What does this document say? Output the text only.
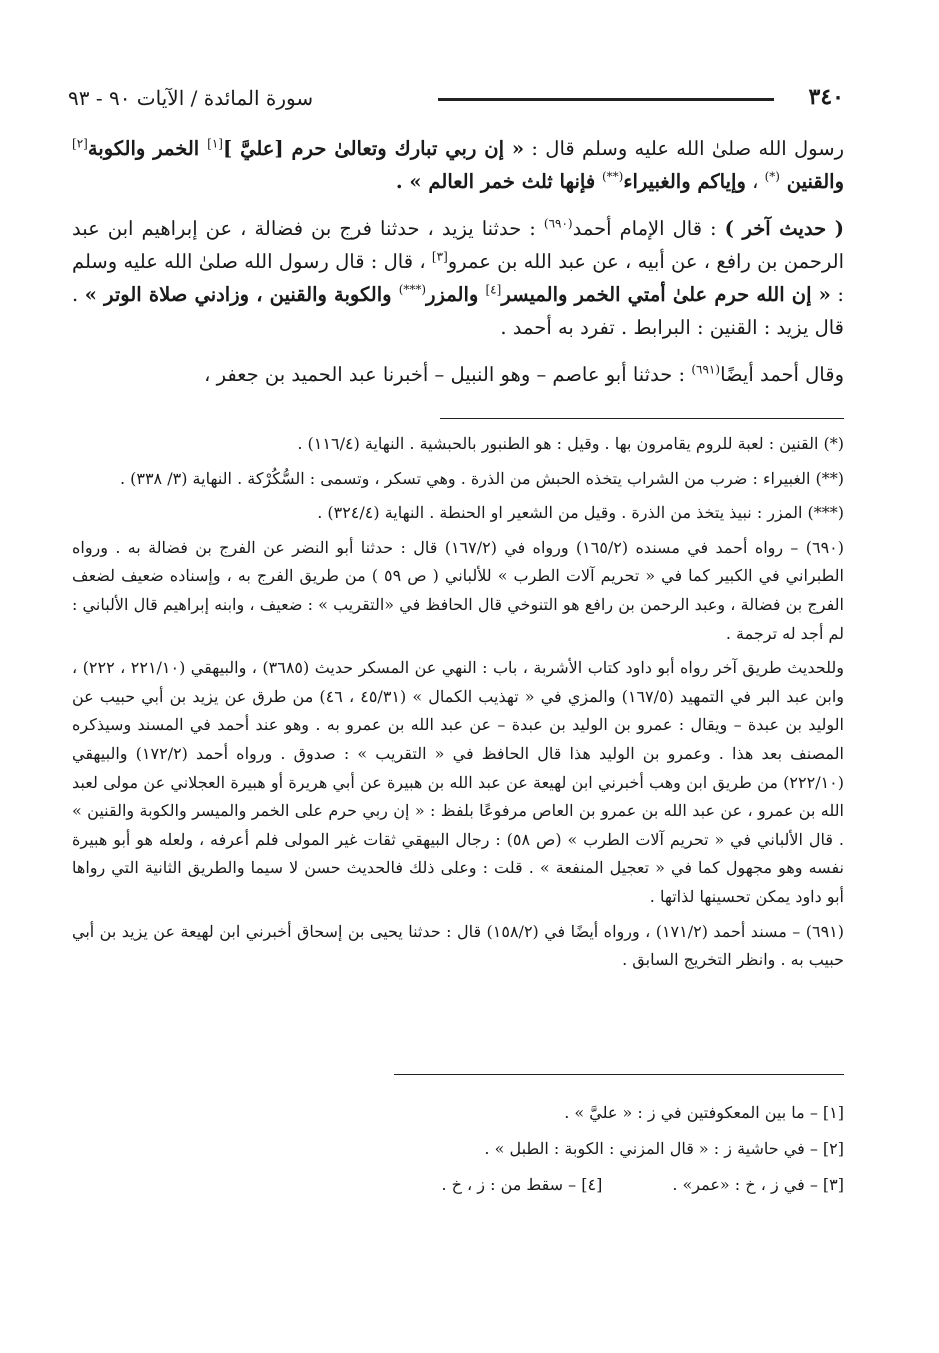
٣٤٠
سورة المائدة / الآيات ٩٠ - ٩٣

رسول الله صلىٰ الله عليه وسلم قال : « إن ربي تبارك وتعالىٰ حرم [عليَّ ][١] الخمر والكوبة[٢] والقنين (*) ، وإياكم والغبيراء(**) فإنها ثلث خمر العالم » .

( حديث آخر ) : قال الإمام أحمد$^{(٦٩٠)}$ : حدثنا يزيد ، حدثنا فرج بن فضالة ، عن إبراهيم ابن عبد الرحمن بن رافع ، عن أبيه ، عن عبد الله بن عمرو[٣] ، قال : قال رسول الله صلىٰ الله عليه وسلم : « إن الله حرم علىٰ أمتي الخمر والميسر[٤] والمزر(***) والكوبة والقنين ، وزادني صلاة الوتر » . قال يزيد : القنين : البرابط . تفرد به أحمد .

وقال أحمد أيضًا$^{(٦٩١)}$ : حدثنا أبو عاصم – وهو النبيل – أخبرنا عبد الحميد بن جعفر ،

(*) القنين : لعبة للروم يقامرون بها . وقيل : هو الطنبور بالحبشية . النهاية (١١٦/٤) .

(**) الغبيراء : ضرب من الشراب يتخذه الحبش من الذرة . وهي تسكر ، وتسمى : السُّكُرْكة . النهاية (٣/ ٣٣٨) .

(***) المزر : نبيذ يتخذ من الذرة . وقيل من الشعير او الحنطة . النهاية (٣٢٤/٤) .

(٦٩٠) – رواه أحمد في مسنده (١٦٥/٢) ورواه في (١٦٧/٢) قال : حدثنا أبو النضر عن الفرج بن فضالة به . ورواه الطبراني في الكبير كما في « تحريم آلات الطرب » للألباني ( ص ٥٩ ) من طريق الفرج به ، وإسناده ضعيف لضعف الفرج بن فضالة ، وعبد الرحمن بن رافع هو التنوخي قال الحافظ في «التقريب » : ضعيف ، وابنه إبراهيم قال الألباني : لم أجد له ترجمة .

وللحديث طريق آخر رواه أبو داود كتاب الأشربة ، باب : النهي عن المسكر حديث (٣٦٨٥) ، والبيهقي (٢٢١/١٠ ، ٢٢٢) ، وابن عبد البر في التمهيد (١٦٧/٥) والمزي في « تهذيب الكمال » (٤٥/٣١ ، ٤٦) من طرق عن يزيد بن أبي حبيب عن الوليد بن عبدة – ويقال : عمرو بن الوليد بن عبدة – عن عبد الله بن عمرو به . وهو عند أحمد في المسند وسيذكره المصنف بعد هذا . وعمرو بن الوليد هذا قال الحافظ في « التقريب » : صدوق . ورواه أحمد (١٧٢/٢) والبيهقي (٢٢٢/١٠) من طريق ابن وهب أخبرني ابن لهيعة عن عبد الله بن هبيرة عن أبي هريرة أو هبيرة العجلاني عن مولى لعبد الله بن عمرو ، عن عبد الله بن عمرو بن العاص مرفوعًا بلفظ : « إن ربي حرم على الخمر والميسر والكوبة والقنين » . قال الألباني في « تحريم آلات الطرب » (ص ٥٨) : رجال البيهقي ثقات غير المولى فلم أعرفه ، ولعله هو أبو هبيرة نفسه وهو مجهول كما في « تعجيل المنفعة » . قلت : وعلى ذلك فالحديث حسن لا سيما والطريق الثانية التي رواها أبو داود يمكن تحسينها لذاتها .

(٦٩١) – مسند أحمد (١٧١/٢) ، ورواه أيضًا في (١٥٨/٢) قال : حدثنا يحيى بن إسحاق أخبرني ابن لهيعة عن يزيد بن أبي حبيب به . وانظر التخريج السابق .

[١] – ما بين المعكوفتين في ز : « عليَّ » .

[٢] – في حاشية ز : « قال المزني : الكوبة : الطبل » .

[٣] – في ز ، خ : «عمر» .
[٤] – سقط من : ز ، خ .
